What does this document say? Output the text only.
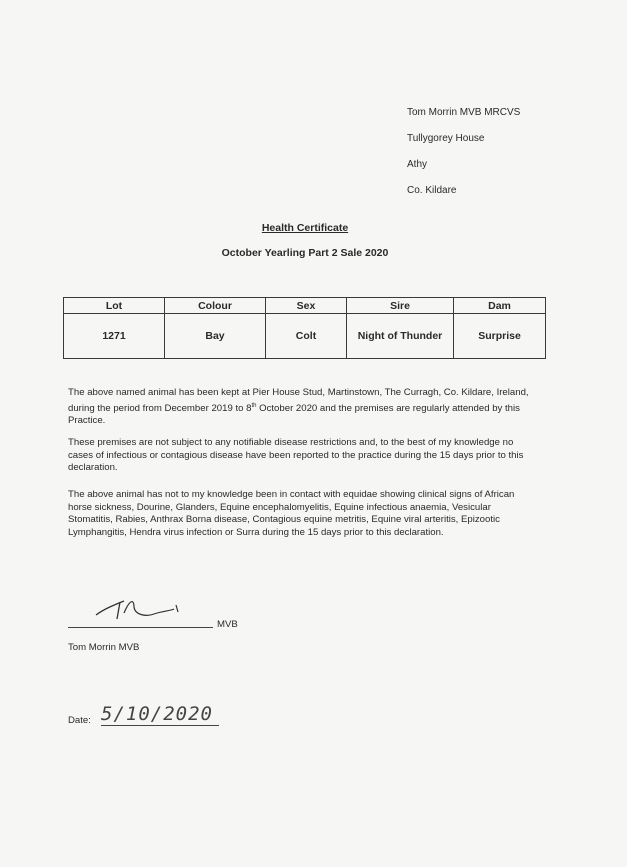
Tom Morrin MVB MRCVS
Tullygorey House
Athy
Co. Kildare
Health Certificate
October Yearling Part 2 Sale 2020
Lot	Colour	Sex	Sire	Dam
1271	Bay	Colt	Night of Thunder	Surprise
The above named animal has been kept at Pier House Stud, Martinstown, The Curragh, Co. Kildare, Ireland, during the period from December 2019 to 8th October 2020 and the premises are regularly attended by this Practice.
These premises are not subject to any notifiable disease restrictions and, to the best of my knowledge no cases of infectious or contagious disease have been reported to the practice during the 15 days prior to this declaration.
The above animal has not to my knowledge been in contact with equidae showing clinical signs of African horse sickness, Dourine, Glanders, Equine encephalomyelitis, Equine infectious anaemia, Vesicular Stomatitis, Rabies, Anthrax Borna disease, Contagious equine metritis, Equine viral arteritis, Epizootic Lymphangitis, Hendra virus infection or Surra during the 15 days prior to this declaration.
MVB
Tom Morrin MVB
Date: 5/10/2020
